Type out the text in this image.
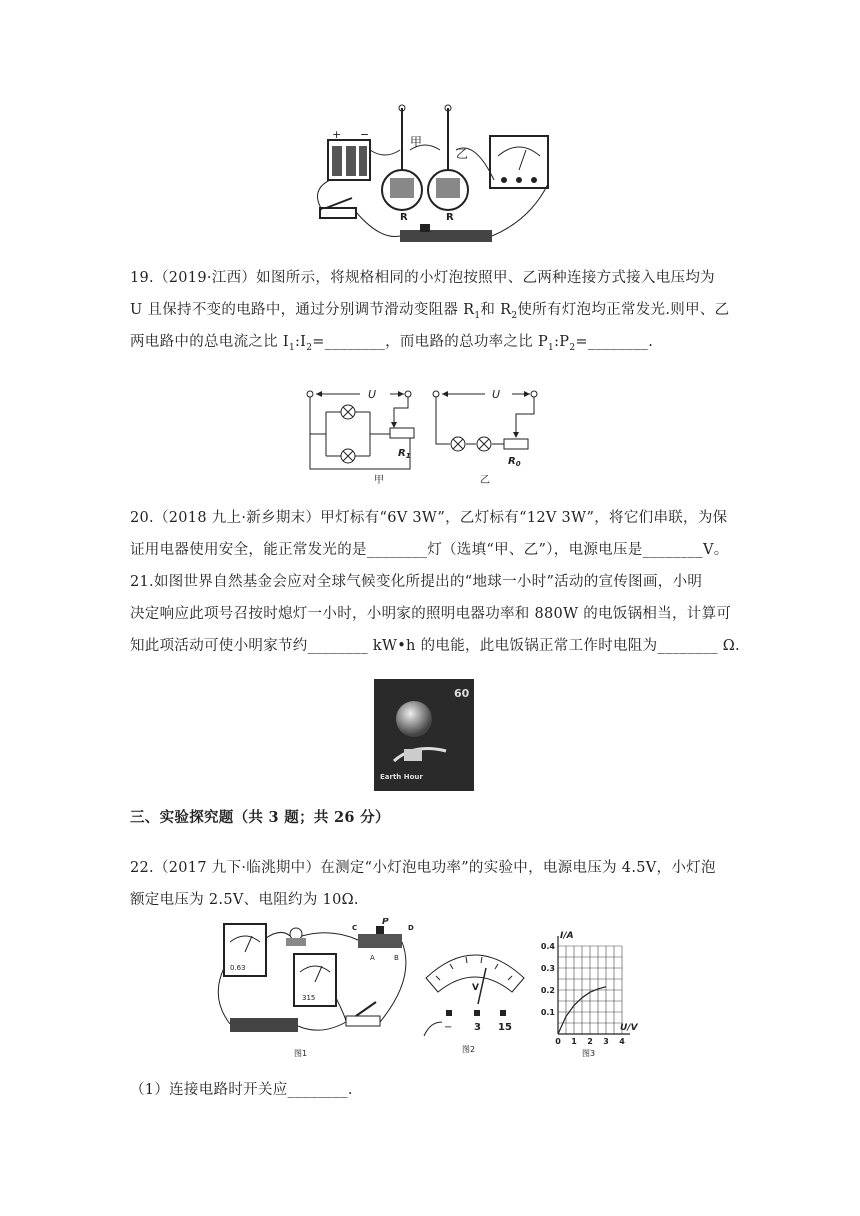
+ −
甲
乙
R	R
19.（2019·江西）如图所示，将规格相同的小灯泡按照甲、乙两种连接方式接入电压均为
U 且保持不变的电路中，通过分别调节滑动变阻器 $R_1$和 $R_2$使所有灯泡均正常发光.则甲、乙
两电路中的总电流之比 $I_1:I_2=\_\_\_\_\_\_\_\_$，而电路的总功率之比 $P_1:P_2=\_\_\_\_\_\_\_\_$.
U
$R_1$
甲
U
$R_0$
乙
20.（2018 九上·新乡期末）甲灯标有“6V 3W”，乙灯标有“12V 3W”，将它们串联，为保
证用电器使用安全，能正常发光的是________灯（选填“甲、乙”），电源电压是________V。
21.如图世界自然基金会应对全球气候变化所提出的“地球一小时”活动的宣传图画，小明
决定响应此项号召按时熄灯一小时，小明家的照明电器功率和 880W 的电饭锅相当，计算可
知此项活动可使小明家节约________ kW•h 的电能，此电饭锅正常工作时电阻为________ Ω.
60
Earth Hour
三、实验探究题（共 3 题；共 26 分）
22.（2017 九下·临洮期中）在测定“小灯泡电功率”的实验中，电源电压为 4.5V，小灯泡
额定电压为 2.5V、电阻约为 10Ω.
0.63
315
C	D
P
A	B
图1
V
− 3 15
图2
I/A
U/V
0.4
0.3
0.2
0.1
0 1 2 3 4
图3
（1）连接电路时开关应________.
